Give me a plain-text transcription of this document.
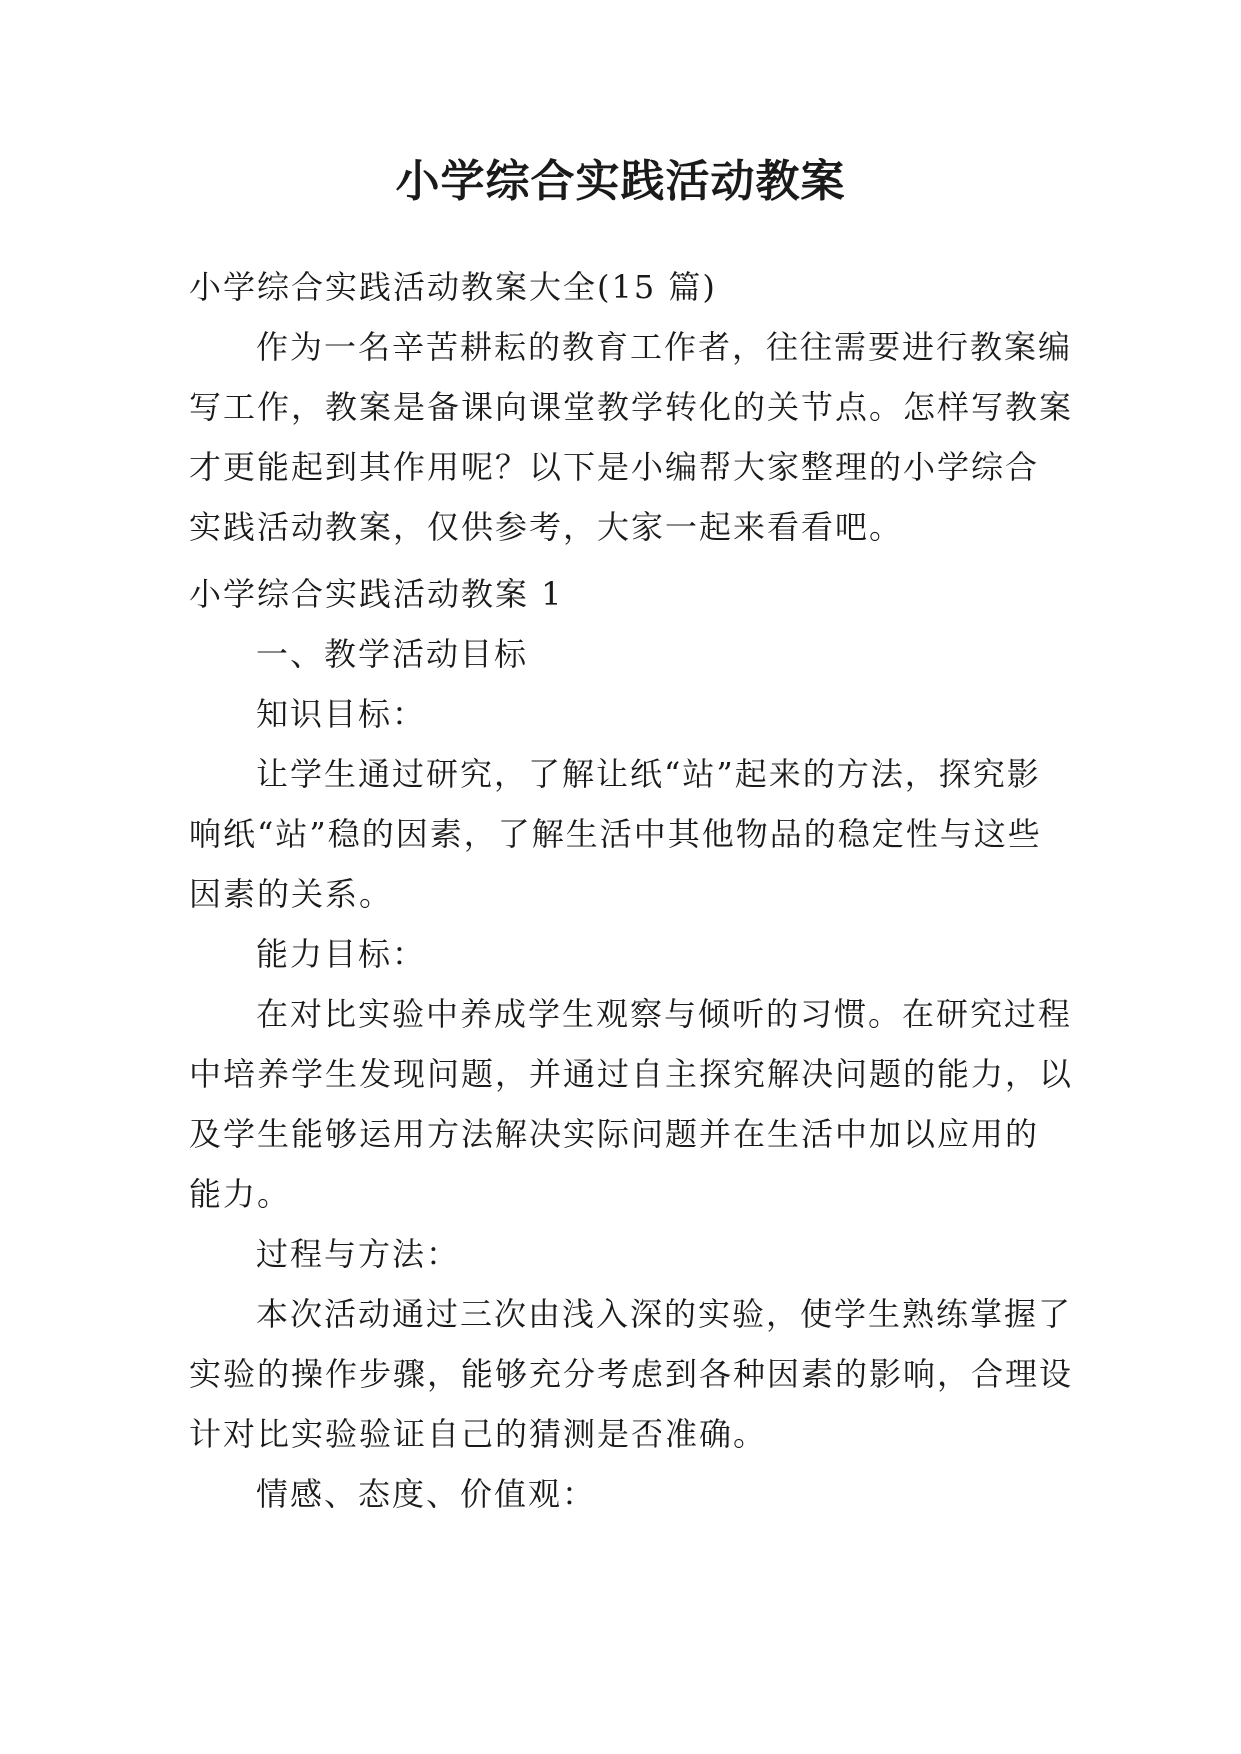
小学综合实践活动教案

小学综合实践活动教案大全(15 篇)

作为一名辛苦耕耘的教育工作者，往往需要进行教案编
写工作，教案是备课向课堂教学转化的关节点。怎样写教案
才更能起到其作用呢？以下是小编帮大家整理的小学综合
实践活动教案，仅供参考，大家一起来看看吧。

小学综合实践活动教案 1

一、教学活动目标

知识目标：

让学生通过研究，了解让纸“站”起来的方法，探究影
响纸“站”稳的因素，了解生活中其他物品的稳定性与这些
因素的关系。

能力目标：

在对比实验中养成学生观察与倾听的习惯。在研究过程
中培养学生发现问题，并通过自主探究解决问题的能力，以
及学生能够运用方法解决实际问题并在生活中加以应用的
能力。

过程与方法：

本次活动通过三次由浅入深的实验，使学生熟练掌握了
实验的操作步骤，能够充分考虑到各种因素的影响，合理设
计对比实验验证自己的猜测是否准确。

情感、态度、价值观：
